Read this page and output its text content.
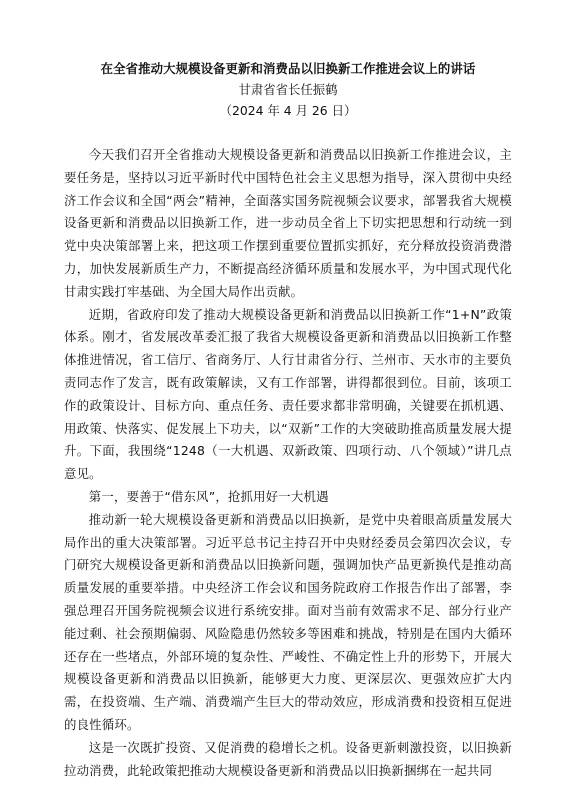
在全省推动大规模设备更新和消费品以旧换新工作推进会议上的讲话
甘肃省省长任振鹤
（2024 年 4 月 26 日）

今天我们召开全省推动大规模设备更新和消费品以旧换新工作推进会议，主要任务是，坚持以习近平新时代中国特色社会主义思想为指导，深入贯彻中央经济工作会议和全国“两会”精神，全面落实国务院视频会议要求，部署我省大规模设备更新和消费品以旧换新工作，进一步动员全省上下切实把思想和行动统一到党中央决策部署上来，把这项工作摆到重要位置抓实抓好，充分释放投资消费潜力，加快发展新质生产力，不断提高经济循环质量和发展水平，为中国式现代化甘肃实践打牢基础、为全国大局作出贡献。

近期，省政府印发了推动大规模设备更新和消费品以旧换新工作“1+N”政策体系。刚才，省发展改革委汇报了我省大规模设备更新和消费品以旧换新工作整体推进情况，省工信厅、省商务厅、人行甘肃省分行、兰州市、天水市的主要负责同志作了发言，既有政策解读，又有工作部署，讲得都很到位。目前，该项工作的政策设计、目标方向、重点任务、责任要求都非常明确，关键要在抓机遇、用政策、快落实、促发展上下功夫，以“双新”工作的大突破助推高质量发展大提升。下面，我围绕“1248（一大机遇、双新政策、四项行动、八个领域）”讲几点意见。

第一，要善于“借东风”，抢抓用好一大机遇

推动新一轮大规模设备更新和消费品以旧换新，是党中央着眼高质量发展大局作出的重大决策部署。习近平总书记主持召开中央财经委员会第四次会议，专门研究大规模设备更新和消费品以旧换新问题，强调加快产品更新换代是推动高质量发展的重要举措。中央经济工作会议和国务院政府工作报告作出了部署，李强总理召开国务院视频会议进行系统安排。面对当前有效需求不足、部分行业产能过剩、社会预期偏弱、风险隐患仍然较多等困难和挑战，特别是在国内大循环还存在一些堵点，外部环境的复杂性、严峻性、不确定性上升的形势下，开展大规模设备更新和消费品以旧换新，能够更大力度、更深层次、更强效应扩大内需，在投资端、生产端、消费端产生巨大的带动效应，形成消费和投资相互促进的良性循环。

这是一次既扩投资、又促消费的稳增长之机。设备更新刺激投资，以旧换新拉动消费，此轮政策把推动大规模设备更新和消费品以旧换新捆绑在一起共同
